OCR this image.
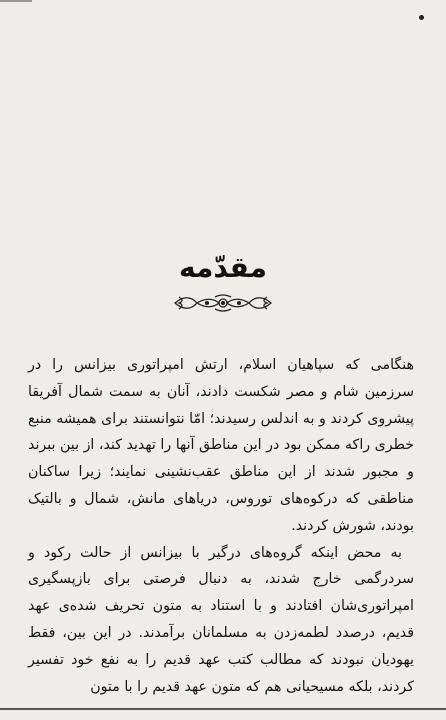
مقدّمه

هنگامی که سپاهیان اسلام، ارتش امپراتوری بیزانس را در سرزمین شام و مصر شکست دادند، آنان به سمت شمال آفریقا پیشروی کردند و به اندلس رسیدند؛ امّا نتوانستند برای همیشه منبع خطری راکه ممکن بود در این مناطق آنها را تهدید کند، از بین ببرند و مجبور شدند از این مناطق عقب‌نشینی نمایند؛ زیرا ساکنان مناطقی که درکوه‌های توروس، دریاهای مانش، شمال و بالتیک بودند، شورش کردند.

به محض اینکه گروه‌های درگیر با بیزانس از حالت رکود و سردرگمی خارج شدند، به دنبال فرصتی برای بازپسگیری امپراتوری‌شان افتادند و با استناد به متون تحریف شده‌ی عهد قدیم، درصدد لطمه‌زدن به مسلمانان برآمدند. در این بین، فقط یهودیان نبودند که مطالب کتب عهد قدیم را به نفع خود تفسیر کردند، بلکه مسیحیانی هم که متون عهد قدیم را با متون
